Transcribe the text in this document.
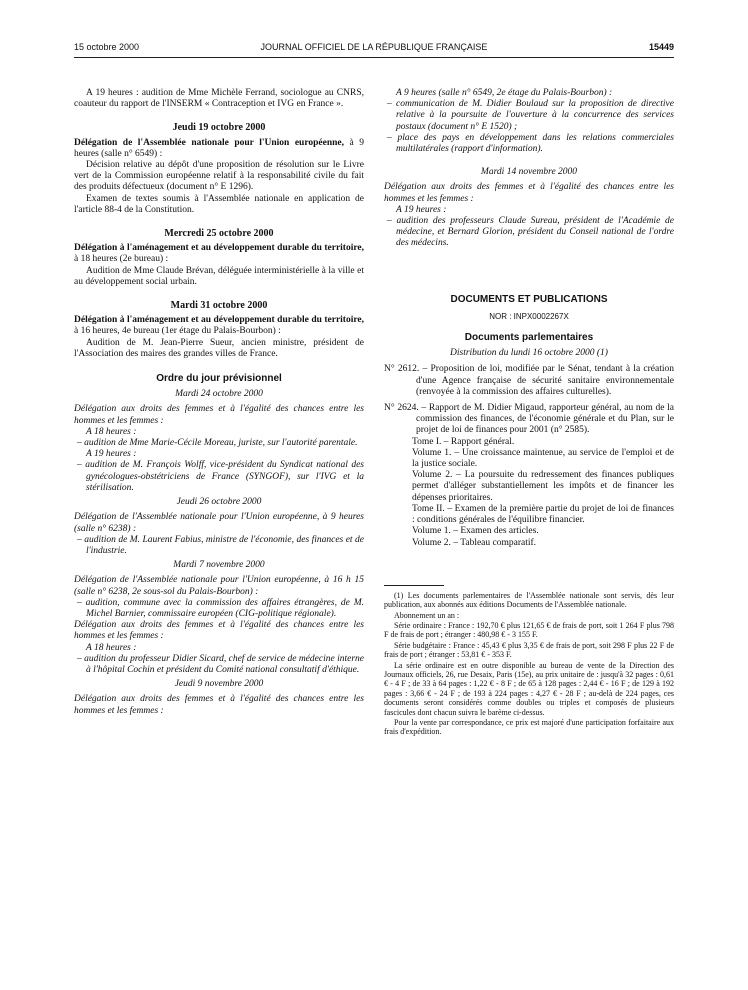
15 octobre 2000	JOURNAL OFFICIEL DE LA RÉPUBLIQUE FRANÇAISE	15449

A 19 heures : audition de Mme Michèle Ferrand, sociologue au CNRS, coauteur du rapport de l'INSERM « Contraception et IVG en France ».

Jeudi 19 octobre 2000

Délégation de l'Assemblée nationale pour l'Union européenne, à 9 heures (salle n° 6549) :

Décision relative au dépôt d'une proposition de résolution sur le Livre vert de la Commission européenne relatif à la responsabilité civile du fait des produits défectueux (document n° E 1296).

Examen de textes soumis à l'Assemblée nationale en application de l'article 88-4 de la Constitution.

Mercredi 25 octobre 2000

Délégation à l'aménagement et au développement durable du territoire, à 18 heures (2e bureau) :

Audition de Mme Claude Brévan, déléguée interministérielle à la ville et au développement social urbain.

Mardi 31 octobre 2000

Délégation à l'aménagement et au développement durable du territoire, à 16 heures, 4e bureau (1er étage du Palais-Bourbon) :

Audition de M. Jean-Pierre Sueur, ancien ministre, président de l'Association des maires des grandes villes de France.

Ordre du jour prévisionnel
Mardi 24 octobre 2000

Délégation aux droits des femmes et à l'égalité des chances entre les hommes et les femmes :

A 18 heures :

– audition de Mme Marie-Cécile Moreau, juriste, sur l'autorité parentale.

A 19 heures :

– audition de M. François Wolff, vice-président du Syndicat national des gynécologues-obstétriciens de France (SYNGOF), sur l'IVG et la stérilisation.

Jeudi 26 octobre 2000

Délégation de l'Assemblée nationale pour l'Union européenne, à 9 heures (salle n° 6238) :

– audition de M. Laurent Fabius, ministre de l'économie, des finances et de l'industrie.

Mardi 7 novembre 2000

Délégation de l'Assemblée nationale pour l'Union européenne, à 16 h 15 (salle n° 6238, 2e sous-sol du Palais-Bourbon) :

– audition, commune avec la commission des affaires étrangères, de M. Michel Barnier, commissaire européen (CIG-politique régionale).

Délégation aux droits des femmes et à l'égalité des chances entre les hommes et les femmes :

A 18 heures :

– audition du professeur Didier Sicard, chef de service de médecine interne à l'hôpital Cochin et président du Comité national consultatif d'éthique.

Jeudi 9 novembre 2000

Délégation aux droits des femmes et à l'égalité des chances entre les hommes et les femmes :

A 9 heures (salle n° 6549, 2e étage du Palais-Bourbon) :

– communication de M. Didier Boulaud sur la proposition de directive relative à la poursuite de l'ouverture à la concurrence des services postaux (document n° E 1520) ;

– place des pays en développement dans les relations commerciales multilatérales (rapport d'information).

Mardi 14 novembre 2000

Délégation aux droits des femmes et à l'égalité des chances entre les hommes et les femmes :

A 19 heures :

– audition des professeurs Claude Sureau, président de l'Académie de médecine, et Bernard Glorion, président du Conseil national de l'ordre des médecins.

DOCUMENTS ET PUBLICATIONS
NOR : INPX0002267X
Documents parlementaires
Distribution du lundi 16 octobre 2000 (1)

N° 2612. – Proposition de loi, modifiée par le Sénat, tendant à la création d'une Agence française de sécurité sanitaire environnementale (renvoyée à la commission des affaires culturelles).

N° 2624. – Rapport de M. Didier Migaud, rapporteur général, au nom de la commission des finances, de l'économie générale et du Plan, sur le projet de loi de finances pour 2001 (n° 2585).

Tome I. – Rapport général.

Volume 1. – Une croissance maintenue, au service de l'emploi et de la justice sociale.

Volume 2. – La poursuite du redressement des finances publiques permet d'alléger substantiellement les impôts et de financer les dépenses prioritaires.

Tome II. – Examen de la première partie du projet de loi de finances : conditions générales de l'équilibre financier.

Volume 1. – Examen des articles.

Volume 2. – Tableau comparatif.

(1) Les documents parlementaires de l'Assemblée nationale sont servis, dès leur publication, aux abonnés aux éditions Documents de l'Assemblée nationale.

Abonnement un an :

Série ordinaire : France : 192,70 € plus 121,65 € de frais de port, soit 1 264 F plus 798 F de frais de port ; étranger : 480,98 € - 3 155 F.

Série budgétaire : France : 45,43 € plus 3,35 € de frais de port, soit 298 F plus 22 F de frais de port ; étranger : 53,81 € - 353 F.

La série ordinaire est en outre disponible au bureau de vente de la Direction des Journaux officiels, 26, rue Desaix, Paris (15e), au prix unitaire de : jusqu'à 32 pages : 0,61 € - 4 F ; de 33 à 64 pages : 1,22 € - 8 F ; de 65 à 128 pages : 2,44 € - 16 F ; de 129 à 192 pages : 3,66 € - 24 F ; de 193 à 224 pages : 4,27 € - 28 F ; au-delà de 224 pages, ces documents seront considérés comme doubles ou triples et composés de plusieurs fascicules dont chacun suivra le barème ci-dessus.

Pour la vente par correspondance, ce prix est majoré d'une participation forfaitaire aux frais d'expédition.
